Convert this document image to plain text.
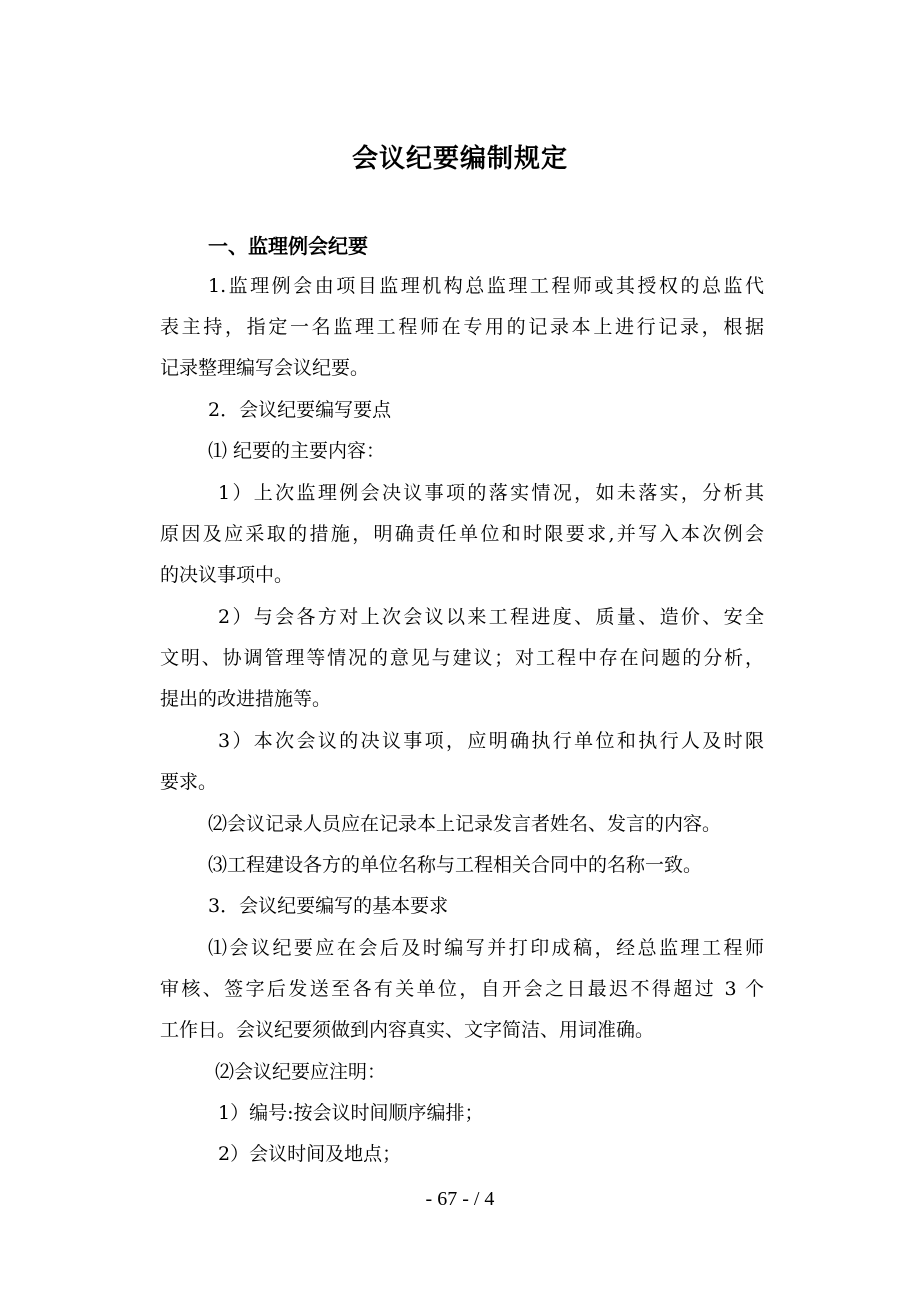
会议纪要编制规定
一、监理例会纪要
1.监理例会由项目监理机构总监理工程师或其授权的总监代
表主持，指定一名监理工程师在专用的记录本上进行记录，根据
记录整理编写会议纪要。
2．会议纪要编写要点
⑴ 纪要的主要内容：
1）上次监理例会决议事项的落实情况，如未落实，分析其
原因及应采取的措施，明确责任单位和时限要求,并写入本次例会
的决议事项中。
2）与会各方对上次会议以来工程进度、质量、造价、安全
文明、协调管理等情况的意见与建议；对工程中存在问题的分析，
提出的改进措施等。
3）本次会议的决议事项，应明确执行单位和执行人及时限
要求。
⑵会议记录人员应在记录本上记录发言者姓名、发言的内容。
⑶工程建设各方的单位名称与工程相关合同中的名称一致。
3．会议纪要编写的基本要求
⑴会议纪要应在会后及时编写并打印成稿，经总监理工程师
审核、签字后发送至各有关单位，自开会之日最迟不得超过 3 个
工作日。会议纪要须做到内容真实、文字简洁、用词准确。
⑵会议纪要应注明：
1）编号:按会议时间顺序编排；
2）会议时间及地点；
- 67 - / 4
